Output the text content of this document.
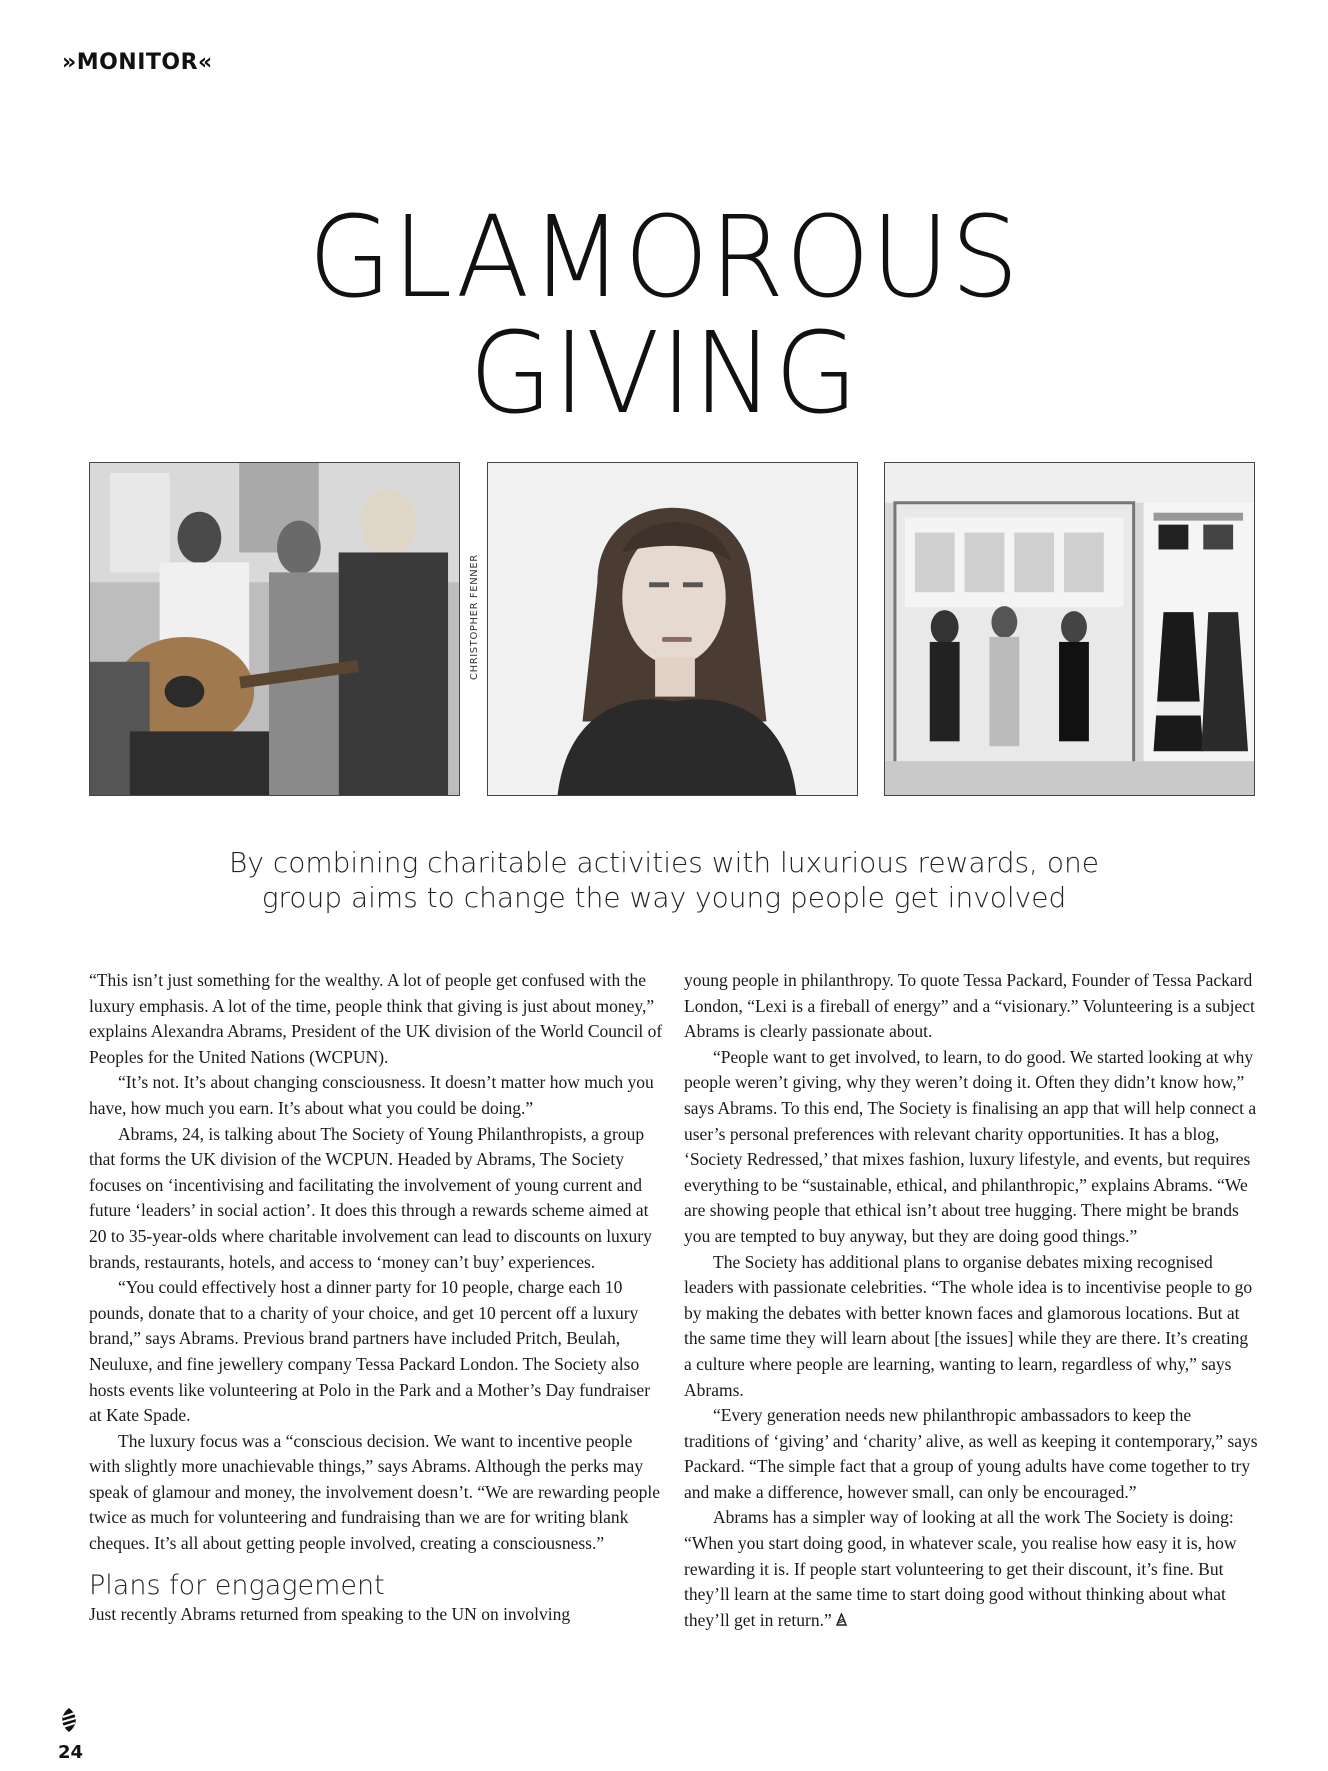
»MONITOR«
GLAMOROUS
GIVING
CHRISTOPHER FENNER
By combining charitable activities with luxurious rewards, one
group aims to change the way young people get involved

“This isn’t just something for the wealthy. A lot of people get confused with the luxury emphasis. A lot of the time, people think that giving is just about money,” explains Alexandra Abrams, President of the UK division of the World Council of Peoples for the United Nations (WCPUN).

“It’s not. It’s about changing consciousness. It doesn’t matter how much you have, how much you earn. It’s about what you could be doing.”

Abrams, 24, is talking about The Society of Young Philanthropists, a group that forms the UK division of the WCPUN. Headed by Abrams, The Society focuses on ‘incentivising and facilitating the involvement of young current and future ‘leaders’ in social action’. It does this through a rewards scheme aimed at 20 to 35-year-olds where charitable involvement can lead to discounts on luxury brands, restaurants, hotels, and access to ‘money can’t buy’ experiences.

“You could effectively host a dinner party for 10 people, charge each 10 pounds, donate that to a charity of your choice, and get 10 percent off a luxury brand,” says Abrams. Previous brand partners have included Pritch, Beulah, Neuluxe, and fine jewellery company Tessa Packard London. The Society also hosts events like volunteering at Polo in the Park and a Mother’s Day fundraiser at Kate Spade.

The luxury focus was a “conscious decision. We want to incentive people with slightly more unachievable things,” says Abrams. Although the perks may speak of glamour and money, the involvement doesn’t. “We are rewarding people twice as much for volunteering and fundraising than we are for writing blank cheques. It’s all about getting people involved, creating a consciousness.”

Plans for engagement

Just recently Abrams returned from speaking to the UN on involving

young people in philanthropy. To quote Tessa Packard, Founder of Tessa Packard London, “Lexi is a fireball of energy” and a “visionary.” Volunteering is a subject Abrams is clearly passionate about.

“People want to get involved, to learn, to do good. We started looking at why people weren’t giving, why they weren’t doing it. Often they didn’t know how,” says Abrams. To this end, The Society is finalising an app that will help connect a user’s personal preferences with relevant charity opportunities. It has a blog, ‘Society Redressed,’ that mixes fashion, luxury lifestyle, and events, but requires everything to be “sustainable, ethical, and philanthropic,” explains Abrams. “We are showing people that ethical isn’t about tree hugging. There might be brands you are tempted to buy anyway, but they are doing good things.”

The Society has additional plans to organise debates mixing recognised leaders with passionate celebrities. “The whole idea is to incentivise people to go by making the debates with better known faces and glamorous locations. But at the same time they will learn about [the issues] while they are there. It’s creating a culture where people are learning, wanting to learn, regardless of why,” says Abrams.

“Every generation needs new philanthropic ambassadors to keep the traditions of ‘giving’ and ‘charity’ alive, as well as keeping it contemporary,” says Packard. “The simple fact that a group of young adults have come together to try and make a difference, however small, can only be encouraged.”

Abrams has a simpler way of looking at all the work The Society is doing: “When you start doing good, in whatever scale, you realise how easy it is, how rewarding it is. If people start volunteering to get their discount, it’s fine. But they’ll learn at the same time to start doing good without thinking about what they’ll get in return.”

24
